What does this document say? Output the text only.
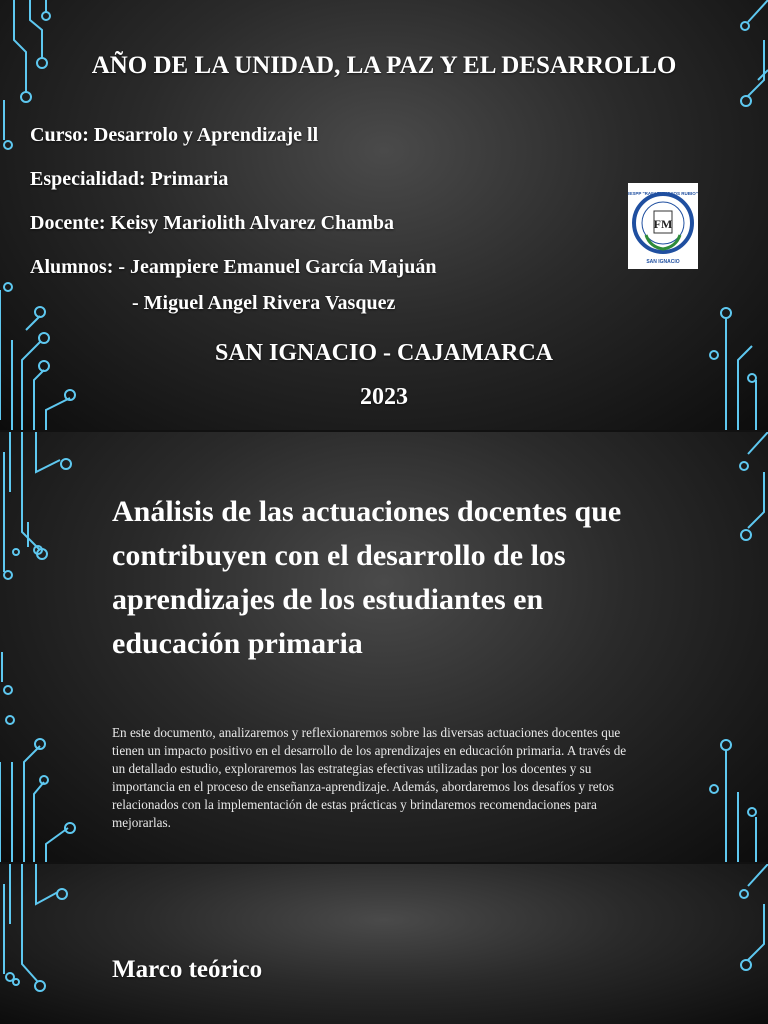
AÑO DE LA UNIDAD, LA PAZ Y EL DESARROLLO

Curso: Desarrolo y Aprendizaje ll

Especialidad: Primaria

Docente: Keisy Mariolith Alvarez Chamba

Alumnos: - Jeampiere Emanuel García Majuán

- Miguel Angel Rivera Vasquez

SAN IGNACIO - CAJAMARCA

2023

FM
IESPP "RAFAEL HOYOS RUBIO"
SAN IGNACIO

Análisis de las actuaciones docentes que contribuyen con el desarrollo de los aprendizajes de los estudiantes en educación primaria

En este documento, analizaremos y reflexionaremos sobre las diversas actuaciones docentes que tienen un impacto positivo en el desarrollo de los aprendizajes en educación primaria. A través de un detallado estudio, exploraremos las estrategias efectivas utilizadas por los docentes y su importancia en el proceso de enseñanza-aprendizaje. Además, abordaremos los desafíos y retos relacionados con la implementación de estas prácticas y brindaremos recomendaciones para mejorarlas.

Marco teórico
